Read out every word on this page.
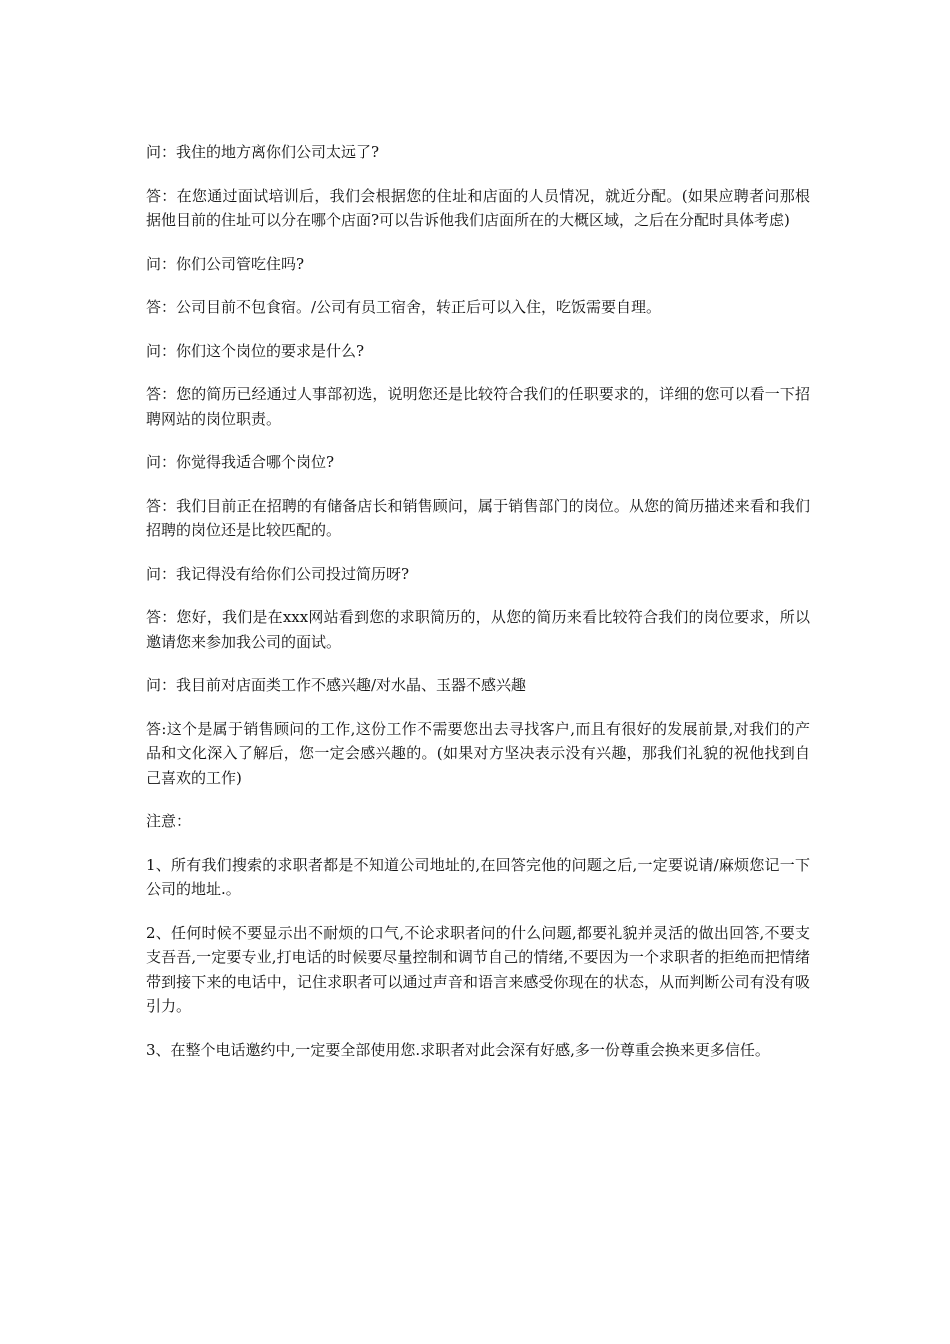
问：我住的地方离你们公司太远了?

答：在您通过面试培训后，我们会根据您的住址和店面的人员情况，就近分配。(如果应聘者问那根据他目前的住址可以分在哪个店面?可以告诉他我们店面所在的大概区域，之后在分配时具体考虑)

问：你们公司管吃住吗?

答：公司目前不包食宿。/公司有员工宿舍，转正后可以入住，吃饭需要自理。

问：你们这个岗位的要求是什么?

答：您的简历已经通过人事部初选，说明您还是比较符合我们的任职要求的，详细的您可以看一下招聘网站的岗位职责。

问：你觉得我适合哪个岗位?

答：我们目前正在招聘的有储备店长和销售顾问，属于销售部门的岗位。从您的简历描述来看和我们招聘的岗位还是比较匹配的。

问：我记得没有给你们公司投过简历呀?

答：您好，我们是在xxx网站看到您的求职简历的，从您的简历来看比较符合我们的岗位要求，所以邀请您来参加我公司的面试。

问：我目前对店面类工作不感兴趣/对水晶、玉器不感兴趣

答:这个是属于销售顾问的工作,这份工作不需要您出去寻找客户,而且有很好的发展前景,对我们的产品和文化深入了解后，您一定会感兴趣的。(如果对方坚决表示没有兴趣，那我们礼貌的祝他找到自己喜欢的工作)

注意：

1、所有我们搜索的求职者都是不知道公司地址的,在回答完他的问题之后,一定要说请/麻烦您记一下公司的地址.。

2、任何时候不要显示出不耐烦的口气,不论求职者问的什么问题,都要礼貌并灵活的做出回答,不要支支吾吾,一定要专业,打电话的时候要尽量控制和调节自己的情绪,不要因为一个求职者的拒绝而把情绪带到接下来的电话中，记住求职者可以通过声音和语言来感受你现在的状态，从而判断公司有没有吸引力。

3、在整个电话邀约中,一定要全部使用您.求职者对此会深有好感,多一份尊重会换来更多信任。
